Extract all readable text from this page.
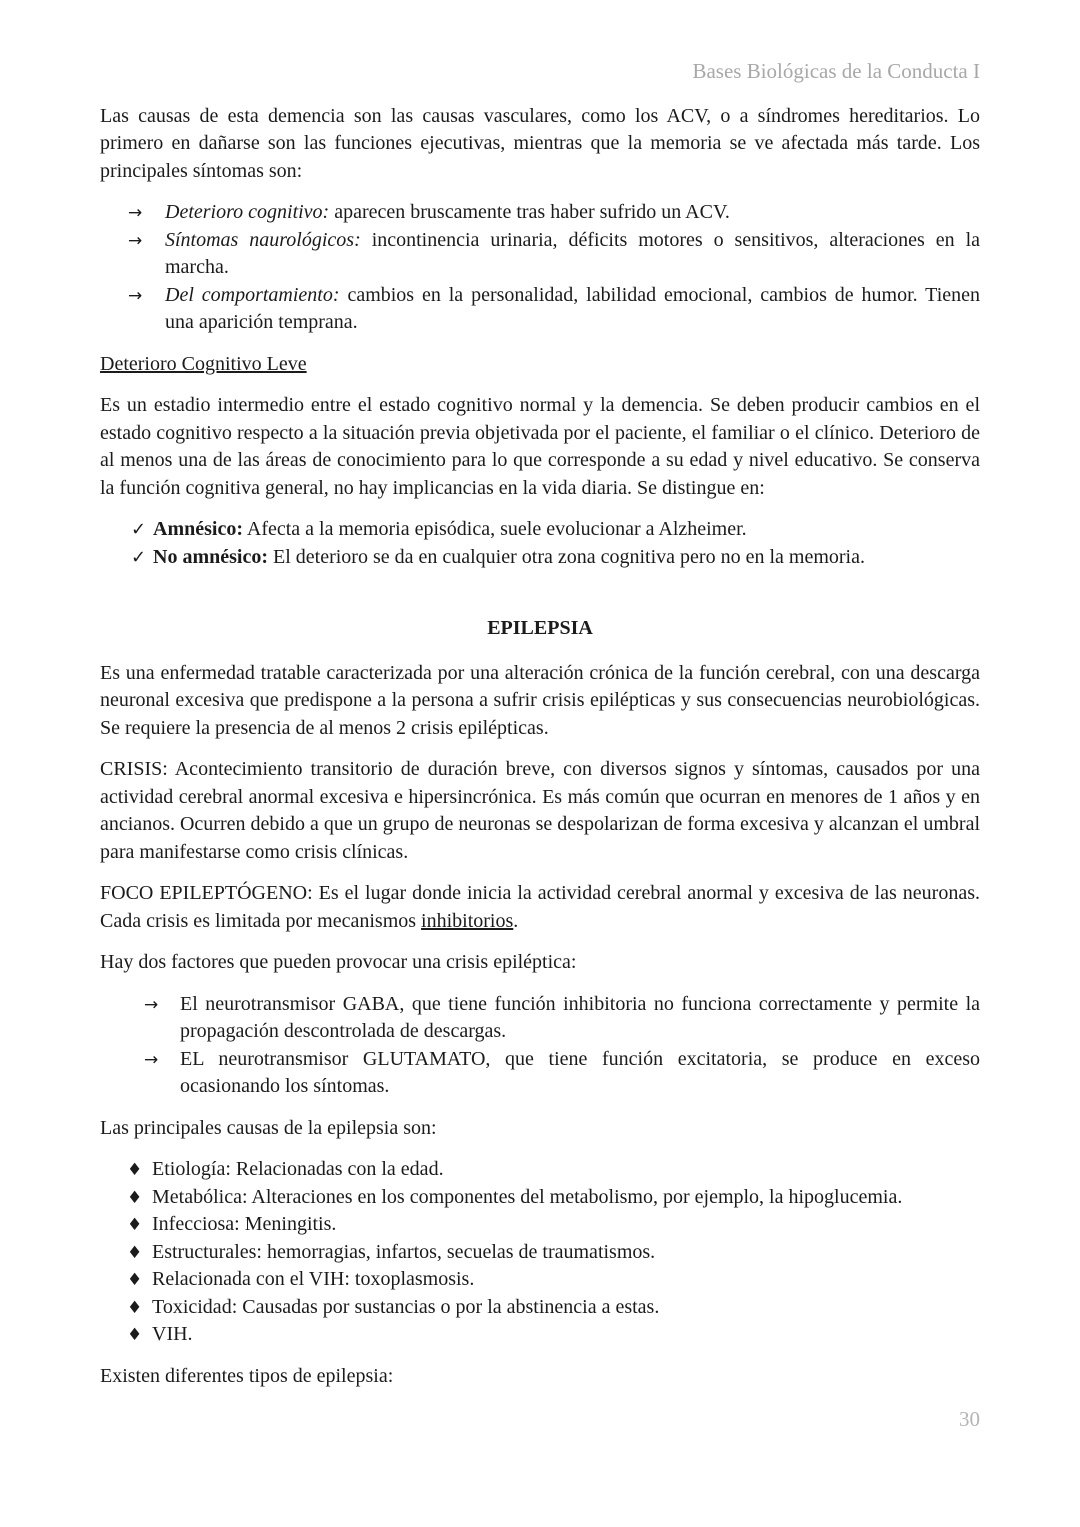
Bases Biológicas de la Conducta I

Las causas de esta demencia son las causas vasculares, como los ACV, o a síndromes hereditarios. Lo primero en dañarse son las funciones ejecutivas, mientras que la memoria se ve afectada más tarde. Los principales síntomas son:

→ Deterioro cognitivo: aparecen bruscamente tras haber sufrido un ACV.
→ Síntomas naurológicos: incontinencia urinaria, déficits motores o sensitivos, alteraciones en la marcha.
→ Del comportamiento: cambios en la personalidad, labilidad emocional, cambios de humor. Tienen una aparición temprana.
Deterioro Cognitivo Leve

Es un estadio intermedio entre el estado cognitivo normal y la demencia. Se deben producir cambios en el estado cognitivo respecto a la situación previa objetivada por el paciente, el familiar o el clínico. Deterioro de al menos una de las áreas de conocimiento para lo que corresponde a su edad y nivel educativo. Se conserva la función cognitiva general, no hay implicancias en la vida diaria. Se distingue en:

✓ Amnésico: Afecta a la memoria episódica, suele evolucionar a Alzheimer.
✓ No amnésico: El deterioro se da en cualquier otra zona cognitiva pero no en la memoria.
EPILEPSIA

Es una enfermedad tratable caracterizada por una alteración crónica de la función cerebral, con una descarga neuronal excesiva que predispone a la persona a sufrir crisis epilépticas y sus consecuencias neurobiológicas. Se requiere la presencia de al menos 2 crisis epilépticas.

CRISIS: Acontecimiento transitorio de duración breve, con diversos signos y síntomas, causados por una actividad cerebral anormal excesiva e hipersincrónica. Es más común que ocurran en menores de 1 años y en ancianos. Ocurren debido a que un grupo de neuronas se despolarizan de forma excesiva y alcanzan el umbral para manifestarse como crisis clínicas.

FOCO EPILEPTÓGENO: Es el lugar donde inicia la actividad cerebral anormal y excesiva de las neuronas. Cada crisis es limitada por mecanismos inhibitorios.

Hay dos factores que pueden provocar una crisis epiléptica:

→ El neurotransmisor GABA, que tiene función inhibitoria no funciona correctamente y permite la propagación descontrolada de descargas.
→ EL neurotransmisor GLUTAMATO, que tiene función excitatoria, se produce en exceso ocasionando los síntomas.

Las principales causas de la epilepsia son:

♦ Etiología: Relacionadas con la edad.
♦ Metabólica: Alteraciones en los componentes del metabolismo, por ejemplo, la hipoglucemia.
♦ Infecciosa: Meningitis.
♦ Estructurales: hemorragias, infartos, secuelas de traumatismos.
♦ Relacionada con el VIH: toxoplasmosis.
♦ Toxicidad: Causadas por sustancias o por la abstinencia a estas.
♦ VIH.

Existen diferentes tipos de epilepsia:

30
